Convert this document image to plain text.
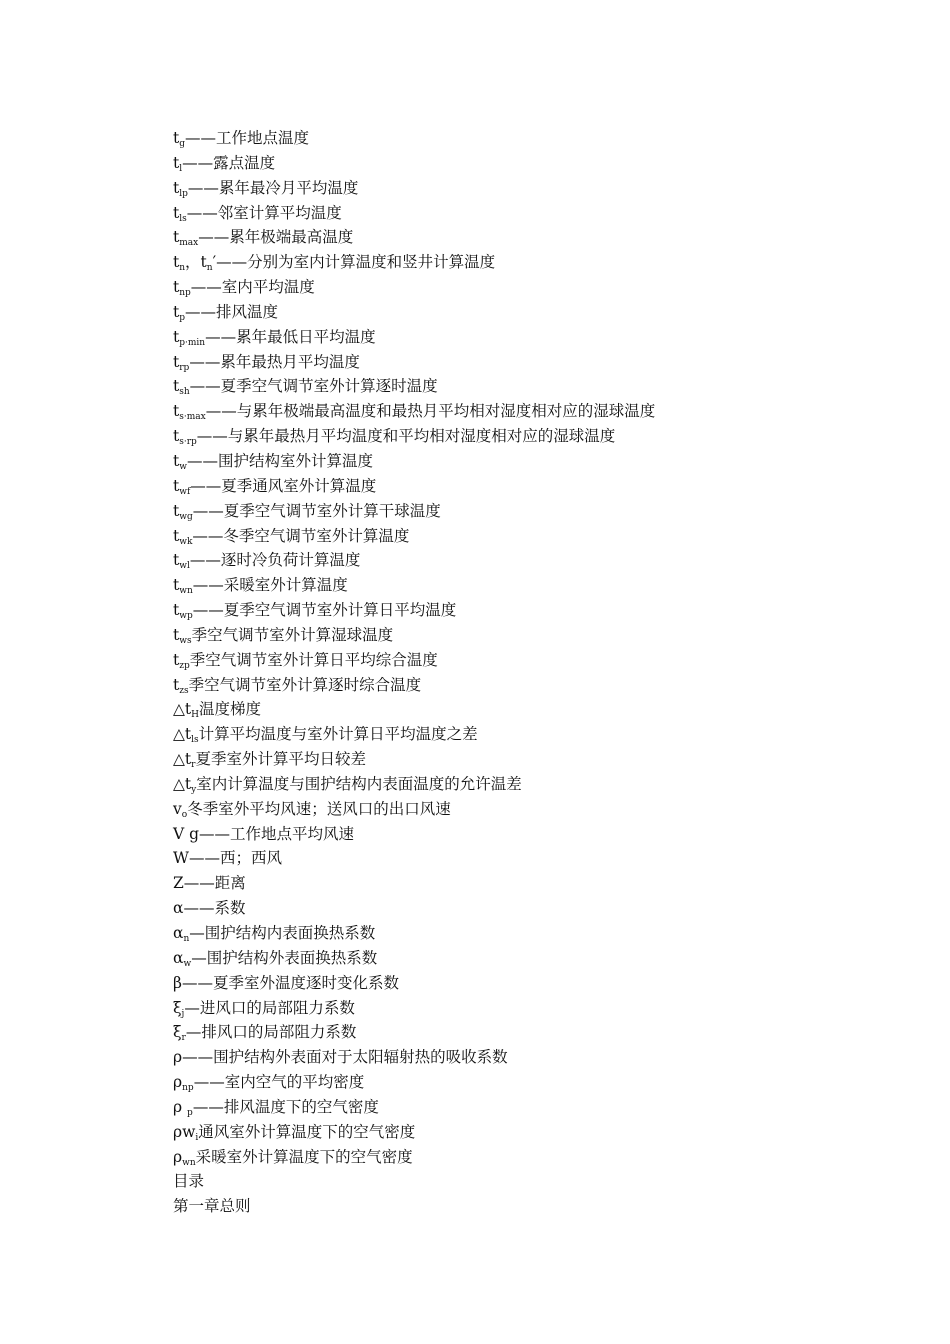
$t_g——$工作地点温度
$t_l——$露点温度
$t_{lp}——$累年最冷月平均温度
$t_{ls}——$邻室计算平均温度
$t_{max}——$累年极端最高温度
$t_n$，$t_n'——$分别为室内计算温度和竖井计算温度
$t_{np}——$室内平均温度
$t_p——$排风温度
$t_{p\cdot min}——$累年最低日平均温度
$t_{rp}——$累年最热月平均温度
$t_{sh}——$夏季空气调节室外计算逐时温度
$t_{s\cdot max}——$与累年极端最高温度和最热月平均相对湿度相对应的湿球温度
$t_{s\cdot rp}——$与累年最热月平均温度和平均相对湿度相对应的湿球温度
$t_w——$围护结构室外计算温度
$t_{wf}——$夏季通风室外计算温度
$t_{wg}——$夏季空气调节室外计算干球温度
$t_{wk}——$冬季空气调节室外计算温度
$t_{wl}——$逐时冷负荷计算温度
$t_{wn}——$采暖室外计算温度
$t_{wp}——$夏季空气调节室外计算日平均温度
$t_{ws}$季空气调节室外计算湿球温度
$t_{zp}$季空气调节室外计算日平均综合温度
$t_{zs}$季空气调节室外计算逐时综合温度
$\triangle t_H$温度梯度
$\triangle t_{ls}$计算平均温度与室外计算日平均温度之差
$\triangle t_r$夏季室外计算平均日较差
$\triangle t_y$室内计算温度与围护结构内表面温度的允许温差
$v_o$冬季室外平均风速；送风口的出口风速
V g——工作地点平均风速
W——西；西风
Z——距离
α——系数
$\alpha_n—$围护结构内表面换热系数
$\alpha_w—$围护结构外表面换热系数
β——夏季室外温度逐时变化系数
$\xi_j—$进风口的局部阻力系数
$\xi_r—$排风口的局部阻力系数
ρ——围护结构外表面对于太阳辐射热的吸收系数
$\rho_{np}——$室内空气的平均密度
ρ $_p$——排风温度下的空气密度
$\rho w_i$通风室外计算温度下的空气密度
$\rho_{wn}$采暖室外计算温度下的空气密度
目录
第一章总则
